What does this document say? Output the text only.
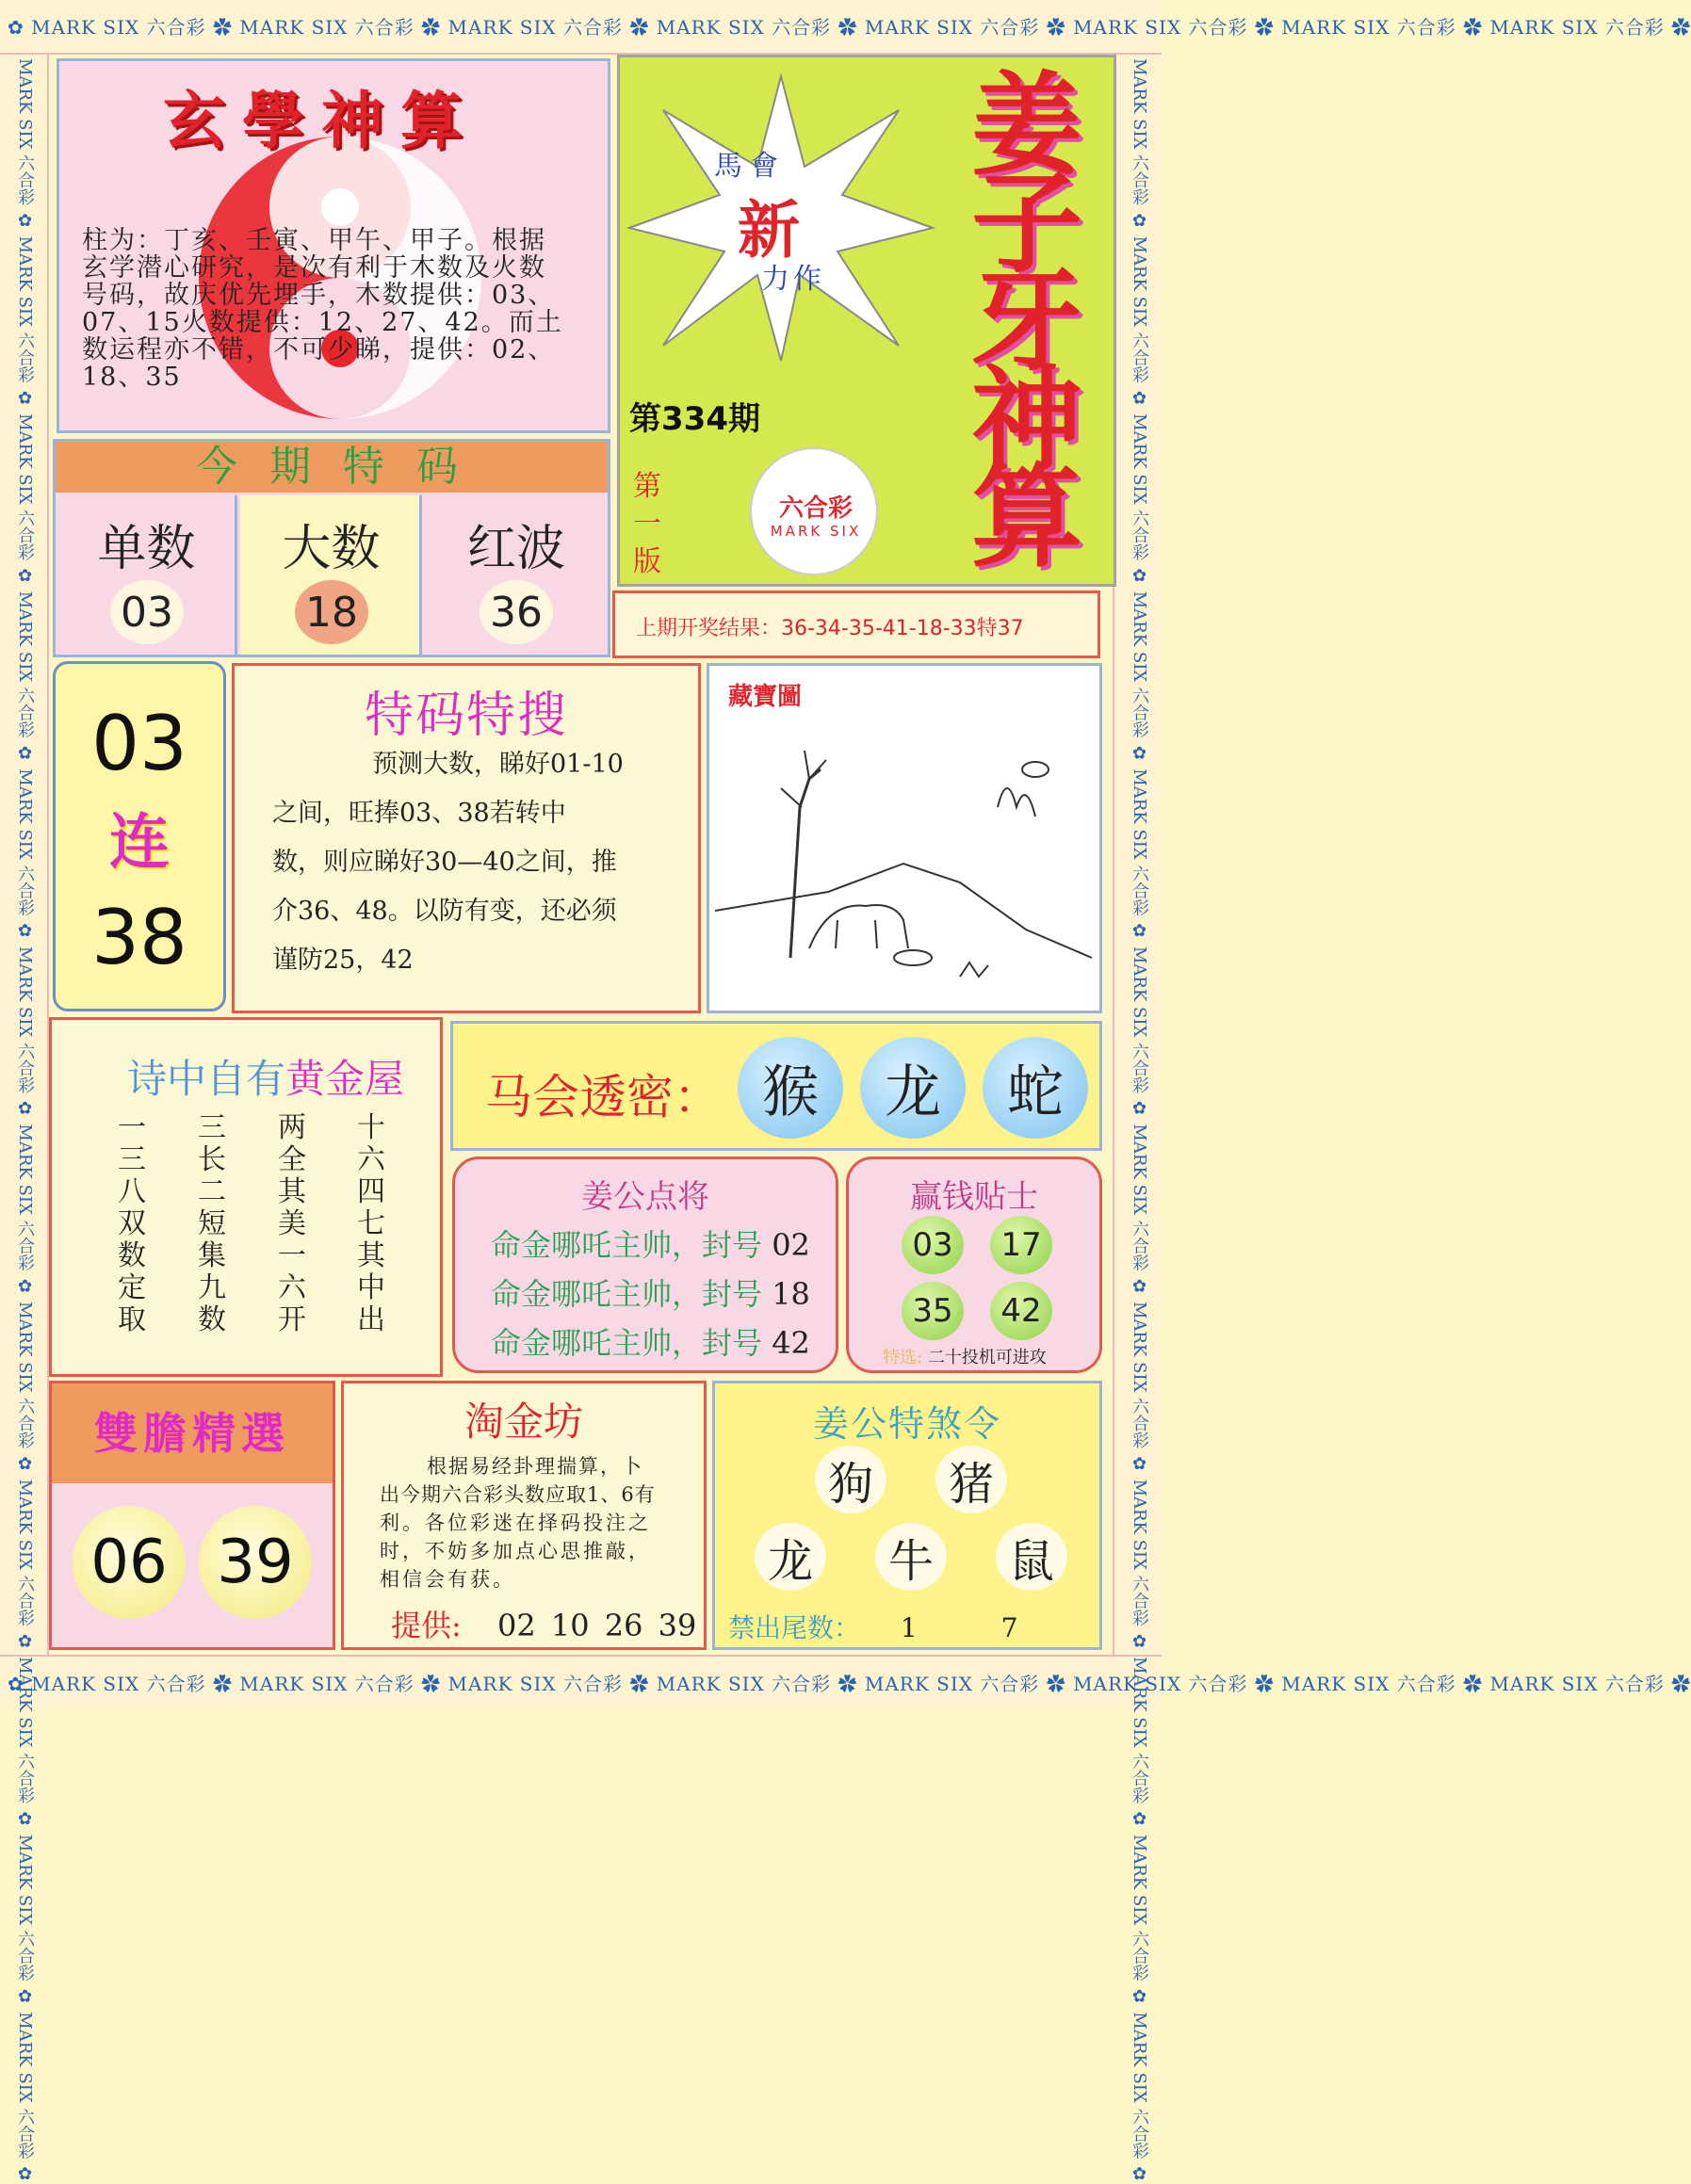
✿ MARK SIX 六合彩 ✿ MARK SIX 六合彩 ✿ MARK SIX 六合彩 ✿ MARK SIX 六合彩 ✿ MARK SIX 六合彩 ✿ MARK SIX 六合彩 ✿ MARK SIX 六合彩 ✿ MARK SIX 六合彩 ✿
✿ MARK SIX 六合彩 ✿ MARK SIX 六合彩 ✿ MARK SIX 六合彩 ✿ MARK SIX 六合彩 ✿ MARK SIX 六合彩 ✿ MARK SIX 六合彩 ✿ MARK SIX 六合彩 ✿ MARK SIX 六合彩 ✿
MARK SIX 六合彩 ✿ MARK SIX 六合彩 ✿ MARK SIX 六合彩 ✿ MARK SIX 六合彩 ✿ MARK SIX 六合彩 ✿ MARK SIX 六合彩 ✿ MARK SIX 六合彩 ✿ MARK SIX 六合彩 ✿ MARK SIX 六合彩 ✿ MARK SIX 六合彩 ✿ MARK SIX 六合彩 ✿ MARK SIX 六合彩 ✿	MARK SIX 六合彩 ✿ MARK SIX 六合彩 ✿ MARK SIX 六合彩 ✿ MARK SIX 六合彩 ✿ MARK SIX 六合彩 ✿ MARK SIX 六合彩 ✿ MARK SIX 六合彩 ✿ MARK SIX 六合彩 ✿ MARK SIX 六合彩 ✿ MARK SIX 六合彩 ✿ MARK SIX 六合彩 ✿ MARK SIX 六合彩 ✿
玄學神算
柱为：丁亥、壬寅、甲午、甲子。根据玄学潜心研究，是次有利于木数及火数号码，故庆优先埋手，木数提供：03、07、15火数提供：12、27、42。而土数运程亦不错，不可少睇，提供：02、18、35
馬會
新
力作
姜
子
牙
神
算
第334期
第一版
六合彩
MARK SIX
上期开奖结果：36-34-35-41-18-33特37
今 期 特 码
单数
03
大数
18
红波
36
03
连
38
特码特搜
预测大数，睇好01-10
之间，旺捧03、38若转中
数，则应睇好30—40之间，推
介36、48。以防有变，还必须
谨防25，42
藏寶圖
诗中自有黄金屋
一三八双数定取
三长二短集九数
两全其美一六开
十六四七其中出
马会透密： 猴 龙 蛇
姜公点将
命金哪吒主帅，封号 02
命金哪吒主帅，封号 18
命金哪吒主帅，封号 42
赢钱贴士
03 17
35 42
特选: 二十投机可进攻
雙膽精選
06 39
淘金坊
根据易经卦理揣算，卜
出今期六合彩头数应取1、6有
利。各位彩迷在择码投注之
时，不妨多加点心思推敲，
相信会有获。
提供: 02 10 26 39
姜公特煞令
狗 猪
龙 牛 鼠
禁出尾数： 1	7
